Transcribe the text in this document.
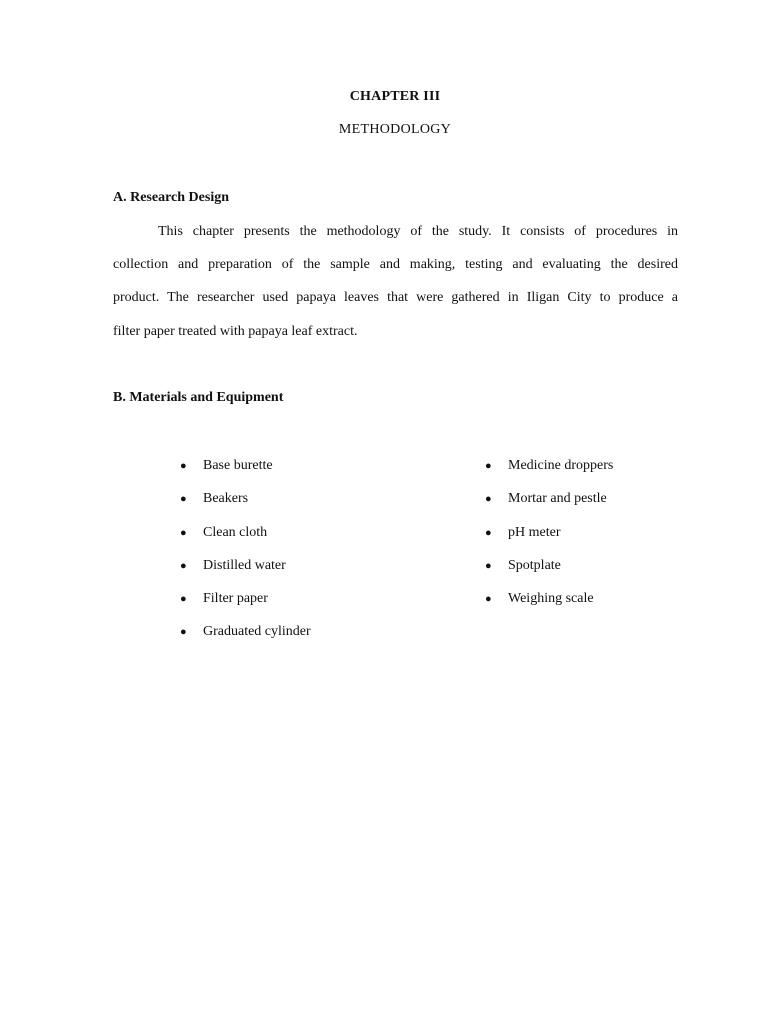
CHAPTER III
METHODOLOGY
A. Research Design
This chapter presents the methodology of the study. It consists of procedures in
collection and preparation of the sample and making, testing and evaluating the desired
product. The researcher used papaya leaves that were gathered in Iligan City to produce a
filter paper treated with papaya leaf extract.
B. Materials and Equipment
●	Base burette
●	Beakers
●	Clean cloth
●	Distilled water
●	Filter paper
●	Graduated cylinder
●	Medicine droppers
●	Mortar and pestle
●	pH meter
●	Spotplate
●	Weighing scale
